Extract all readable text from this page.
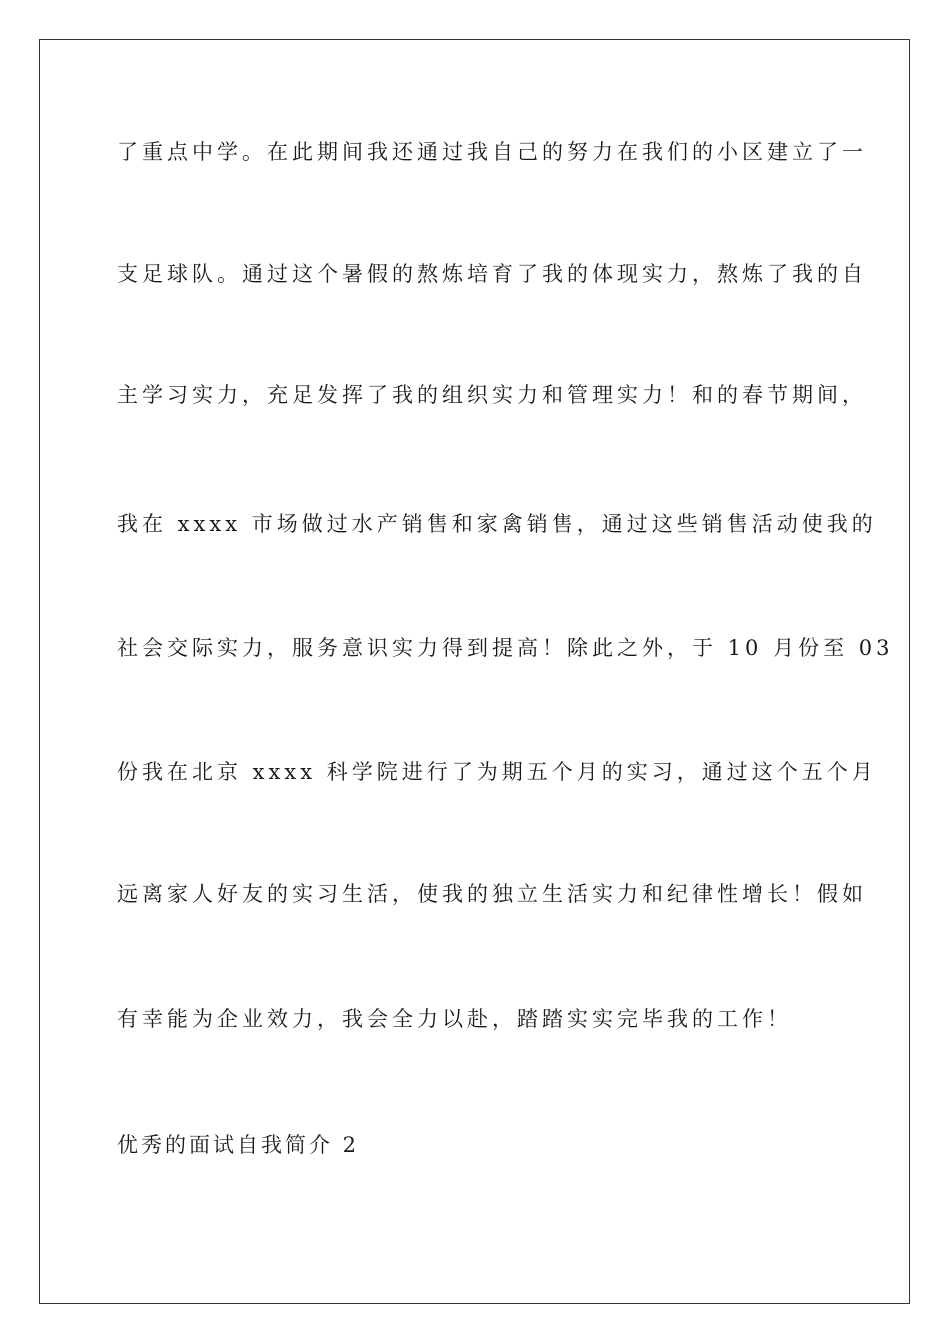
了重点中学。在此期间我还通过我自己的努力在我们的小区建立了一
支足球队。通过这个暑假的熬炼培育了我的体现实力，熬炼了我的自
主学习实力，充足发挥了我的组织实力和管理实力！和的春节期间，
我在 xxxx 市场做过水产销售和家禽销售，通过这些销售活动使我的
社会交际实力，服务意识实力得到提高！除此之外，于 10 月份至 03
份我在北京 xxxx 科学院进行了为期五个月的实习，通过这个五个月
远离家人好友的实习生活，使我的独立生活实力和纪律性增长！假如
有幸能为企业效力，我会全力以赴，踏踏实实完毕我的工作！
优秀的面试自我简介 2
